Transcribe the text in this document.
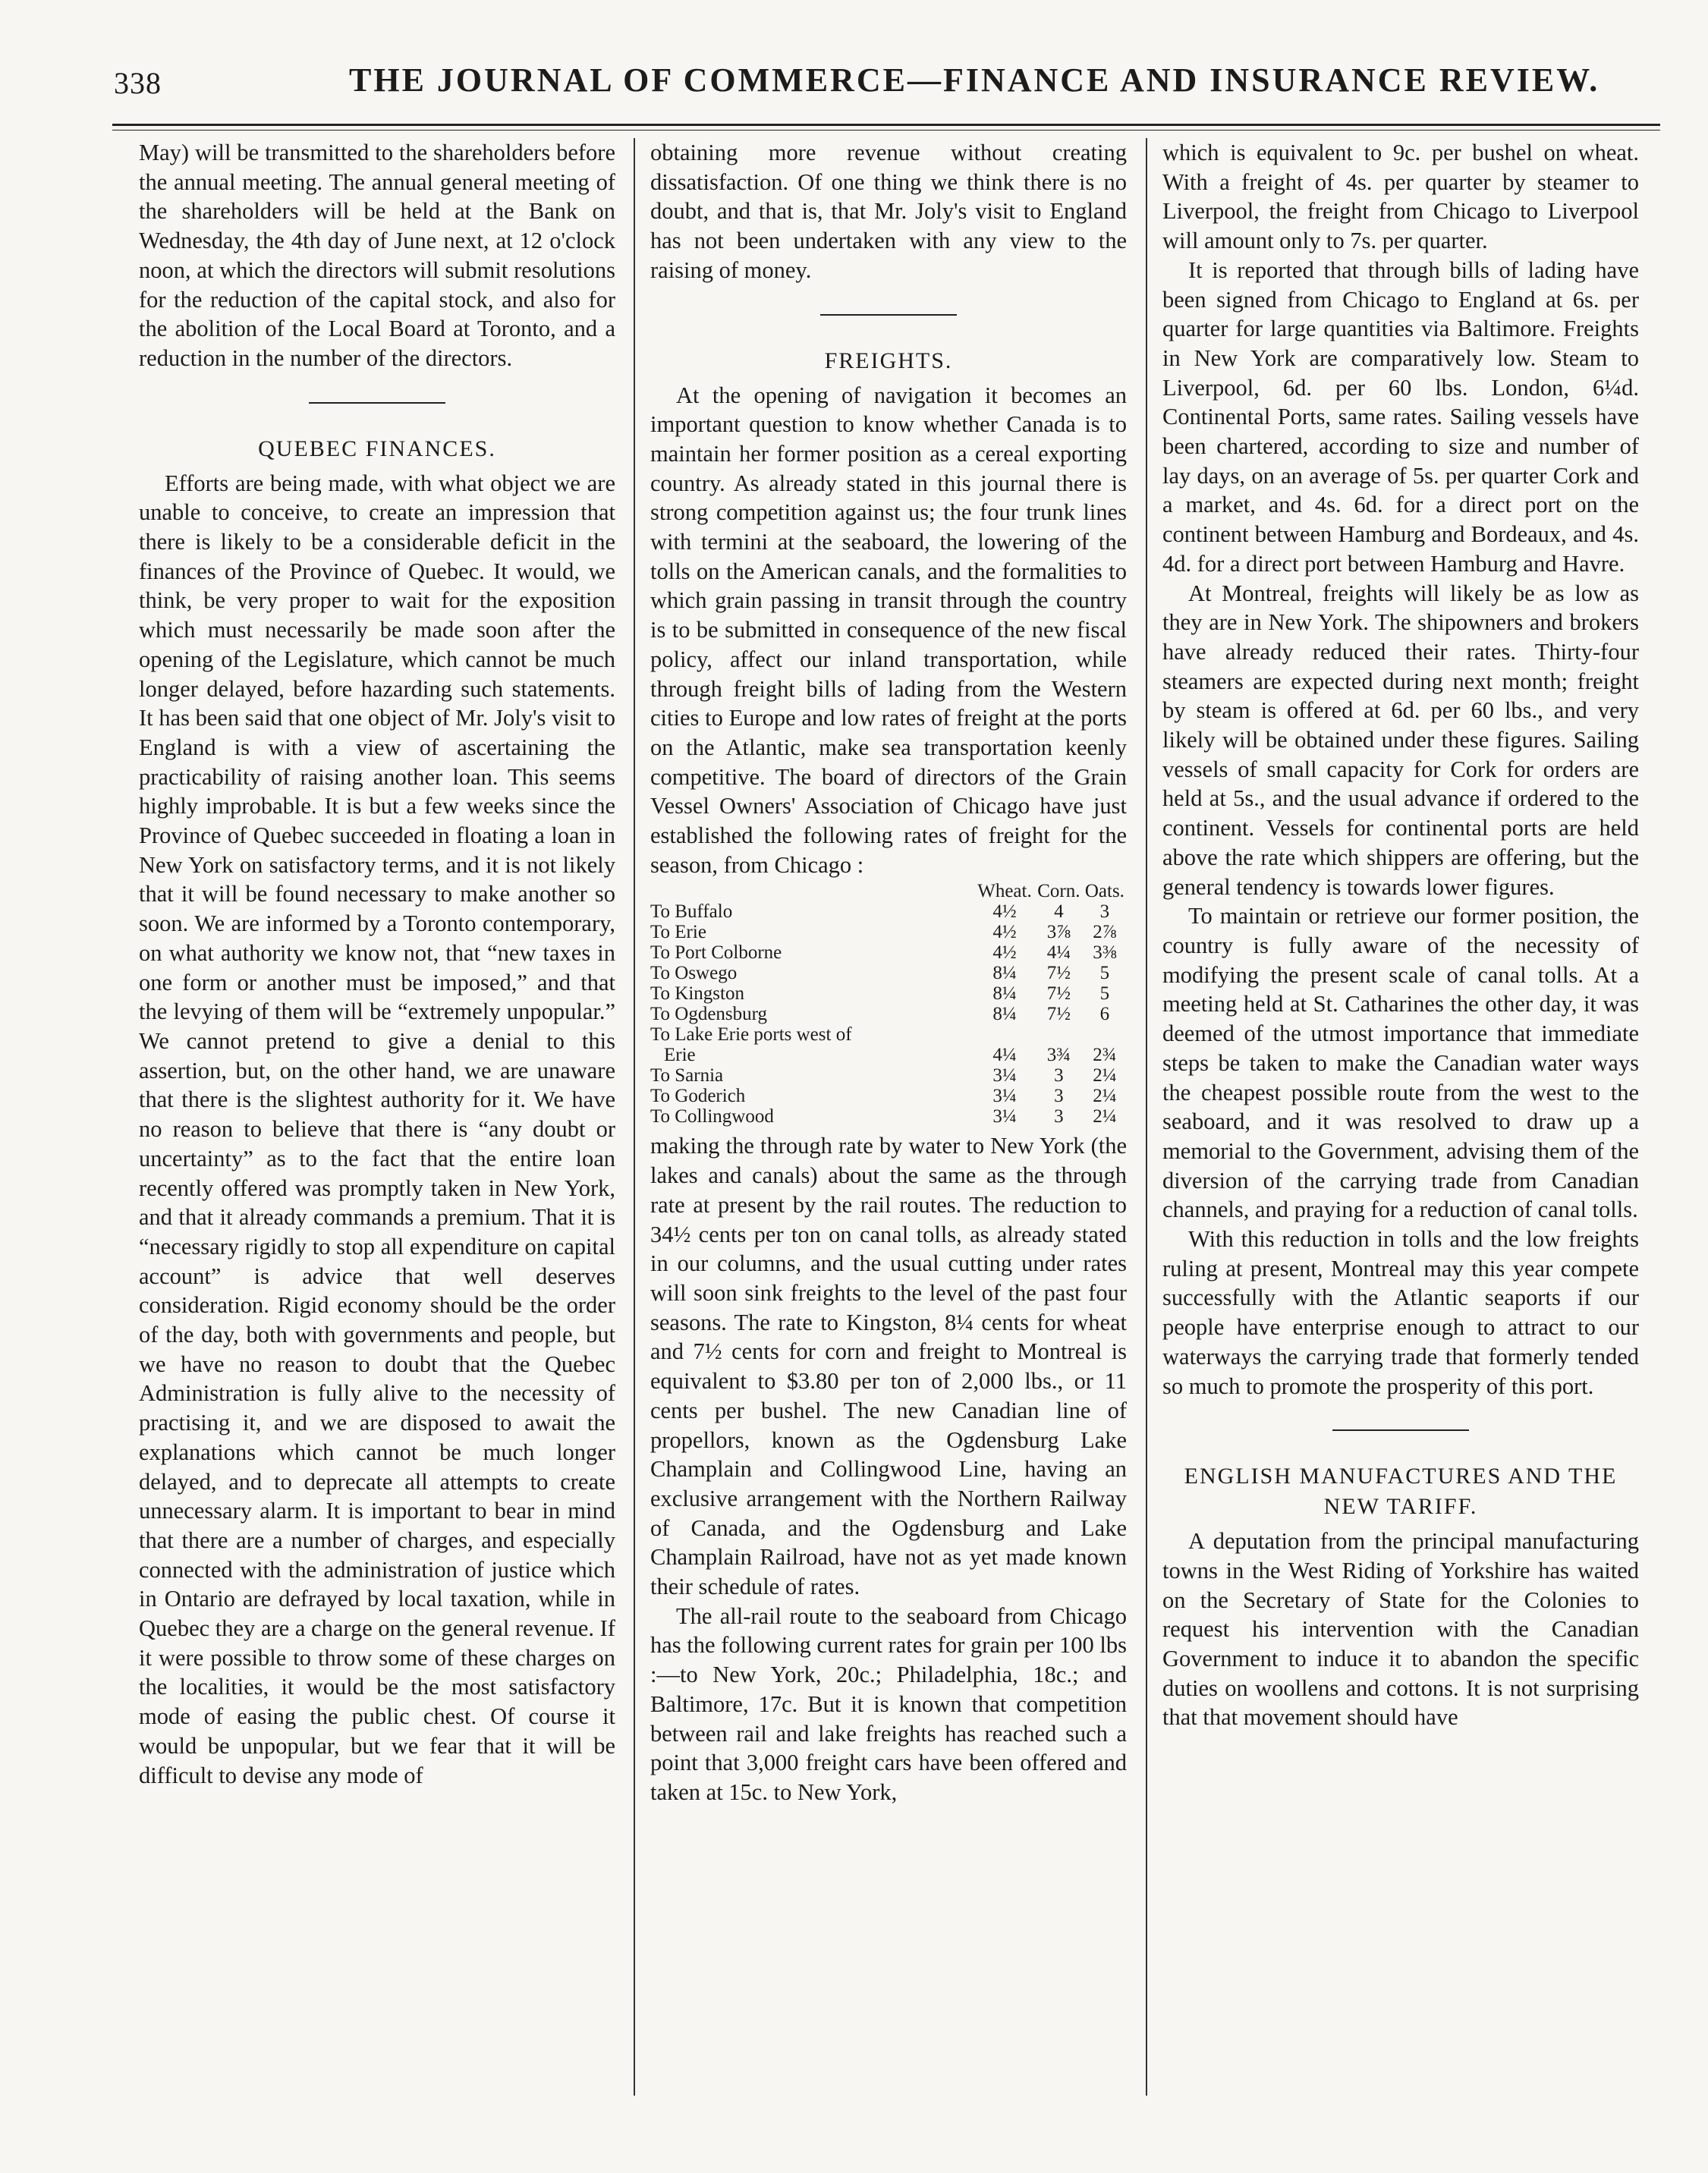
338	THE JOURNAL OF COMMERCE—FINANCE AND INSURANCE REVIEW.

May) will be transmitted to the shareholders before the annual meeting. The annual general meeting of the shareholders will be held at the Bank on Wednesday, the 4th day of June next, at 12 o'clock noon, at which the directors will submit resolutions for the reduction of the capital stock, and also for the abolition of the Local Board at Toronto, and a reduction in the number of the directors.

QUEBEC FINANCES.

Efforts are being made, with what object we are unable to conceive, to create an impression that there is likely to be a considerable deficit in the finances of the Province of Quebec. It would, we think, be very proper to wait for the exposition which must necessarily be made soon after the opening of the Legislature, which cannot be much longer delayed, before hazarding such statements. It has been said that one object of Mr. Joly's visit to England is with a view of ascertaining the practicability of raising another loan. This seems highly improbable. It is but a few weeks since the Province of Quebec succeeded in floating a loan in New York on satisfactory terms, and it is not likely that it will be found necessary to make another so soon. We are informed by a Toronto contemporary, on what authority we know not, that “new taxes in one form or another must be imposed,” and that the levying of them will be “extremely unpopular.” We cannot pretend to give a denial to this assertion, but, on the other hand, we are unaware that there is the slightest authority for it. We have no reason to believe that there is “any doubt or uncertainty” as to the fact that the entire loan recently offered was promptly taken in New York, and that it already commands a premium. That it is “necessary rigidly to stop all expenditure on capital account” is advice that well deserves consideration. Rigid economy should be the order of the day, both with governments and people, but we have no reason to doubt that the Quebec Administration is fully alive to the necessity of practising it, and we are disposed to await the explanations which cannot be much longer delayed, and to deprecate all attempts to create unnecessary alarm. It is important to bear in mind that there are a number of charges, and especially connected with the administration of justice which in Ontario are defrayed by local taxation, while in Quebec they are a charge on the general revenue. If it were possible to throw some of these charges on the localities, it would be the most satisfactory mode of easing the public chest. Of course it would be unpopular, but we fear that it will be difficult to devise any mode of

obtaining more revenue without creating dissatisfaction. Of one thing we think there is no doubt, and that is, that Mr. Joly's visit to England has not been undertaken with any view to the raising of money.

FREIGHTS.

At the opening of navigation it becomes an important question to know whether Canada is to maintain her former position as a cereal exporting country. As already stated in this journal there is strong competition against us; the four trunk lines with termini at the seaboard, the lowering of the tolls on the American canals, and the formalities to which grain passing in transit through the country is to be submitted in consequence of the new fiscal policy, affect our inland transportation, while through freight bills of lading from the Western cities to Europe and low rates of freight at the ports on the Atlantic, make sea transportation keenly competitive. The board of directors of the Grain Vessel Owners' Association of Chicago have just established the following rates of freight for the season, from Chicago :

	Wheat.	Corn.	Oats.
To Buffalo	4½	4	3
To Erie	4½	3⅞	2⅞
To Port Colborne	4½	4¼	3⅜
To Oswego	8¼	7½	5
To Kingston	8¼	7½	5
To Ogdensburg	8¼	7½	6
To Lake Erie ports west of			
Erie	4¼	3¾	2¾
To Sarnia	3¼	3	2¼
To Goderich	3¼	3	2¼
To Collingwood	3¼	3	2¼

making the through rate by water to New York (the lakes and canals) about the same as the through rate at present by the rail routes. The reduction to 34½ cents per ton on canal tolls, as already stated in our columns, and the usual cutting under rates will soon sink freights to the level of the past four seasons. The rate to Kingston, 8¼ cents for wheat and 7½ cents for corn and freight to Montreal is equivalent to $3.80 per ton of 2,000 lbs., or 11 cents per bushel. The new Canadian line of propellors, known as the Ogdensburg Lake Champlain and Collingwood Line, having an exclusive arrangement with the Northern Railway of Canada, and the Ogdensburg and Lake Champlain Railroad, have not as yet made known their schedule of rates.

The all-rail route to the seaboard from Chicago has the following current rates for grain per 100 lbs :—to New York, 20c.; Philadelphia, 18c.; and Baltimore, 17c. But it is known that competition between rail and lake freights has reached such a point that 3,000 freight cars have been offered and taken at 15c. to New York,

which is equivalent to 9c. per bushel on wheat. With a freight of 4s. per quarter by steamer to Liverpool, the freight from Chicago to Liverpool will amount only to 7s. per quarter.

It is reported that through bills of lading have been signed from Chicago to England at 6s. per quarter for large quantities via Baltimore. Freights in New York are comparatively low. Steam to Liverpool, 6d. per 60 lbs. London, 6¼d. Continental Ports, same rates. Sailing vessels have been chartered, according to size and number of lay days, on an average of 5s. per quarter Cork and a market, and 4s. 6d. for a direct port on the continent between Hamburg and Bordeaux, and 4s. 4d. for a direct port between Hamburg and Havre.

At Montreal, freights will likely be as low as they are in New York. The shipowners and brokers have already reduced their rates. Thirty-four steamers are expected during next month; freight by steam is offered at 6d. per 60 lbs., and very likely will be obtained under these figures. Sailing vessels of small capacity for Cork for orders are held at 5s., and the usual advance if ordered to the continent. Vessels for continental ports are held above the rate which shippers are offering, but the general tendency is towards lower figures.

To maintain or retrieve our former position, the country is fully aware of the necessity of modifying the present scale of canal tolls. At a meeting held at St. Catharines the other day, it was deemed of the utmost importance that immediate steps be taken to make the Canadian water ways the cheapest possible route from the west to the seaboard, and it was resolved to draw up a memorial to the Government, advising them of the diversion of the carrying trade from Canadian channels, and praying for a reduction of canal tolls.

With this reduction in tolls and the low freights ruling at present, Montreal may this year compete successfully with the Atlantic seaports if our people have enterprise enough to attract to our waterways the carrying trade that formerly tended so much to promote the prosperity of this port.

ENGLISH MANUFACTURES AND THE NEW TARIFF.

A deputation from the principal manufacturing towns in the West Riding of Yorkshire has waited on the Secretary of State for the Colonies to request his intervention with the Canadian Government to induce it to abandon the specific duties on woollens and cottons. It is not surprising that that movement should have
